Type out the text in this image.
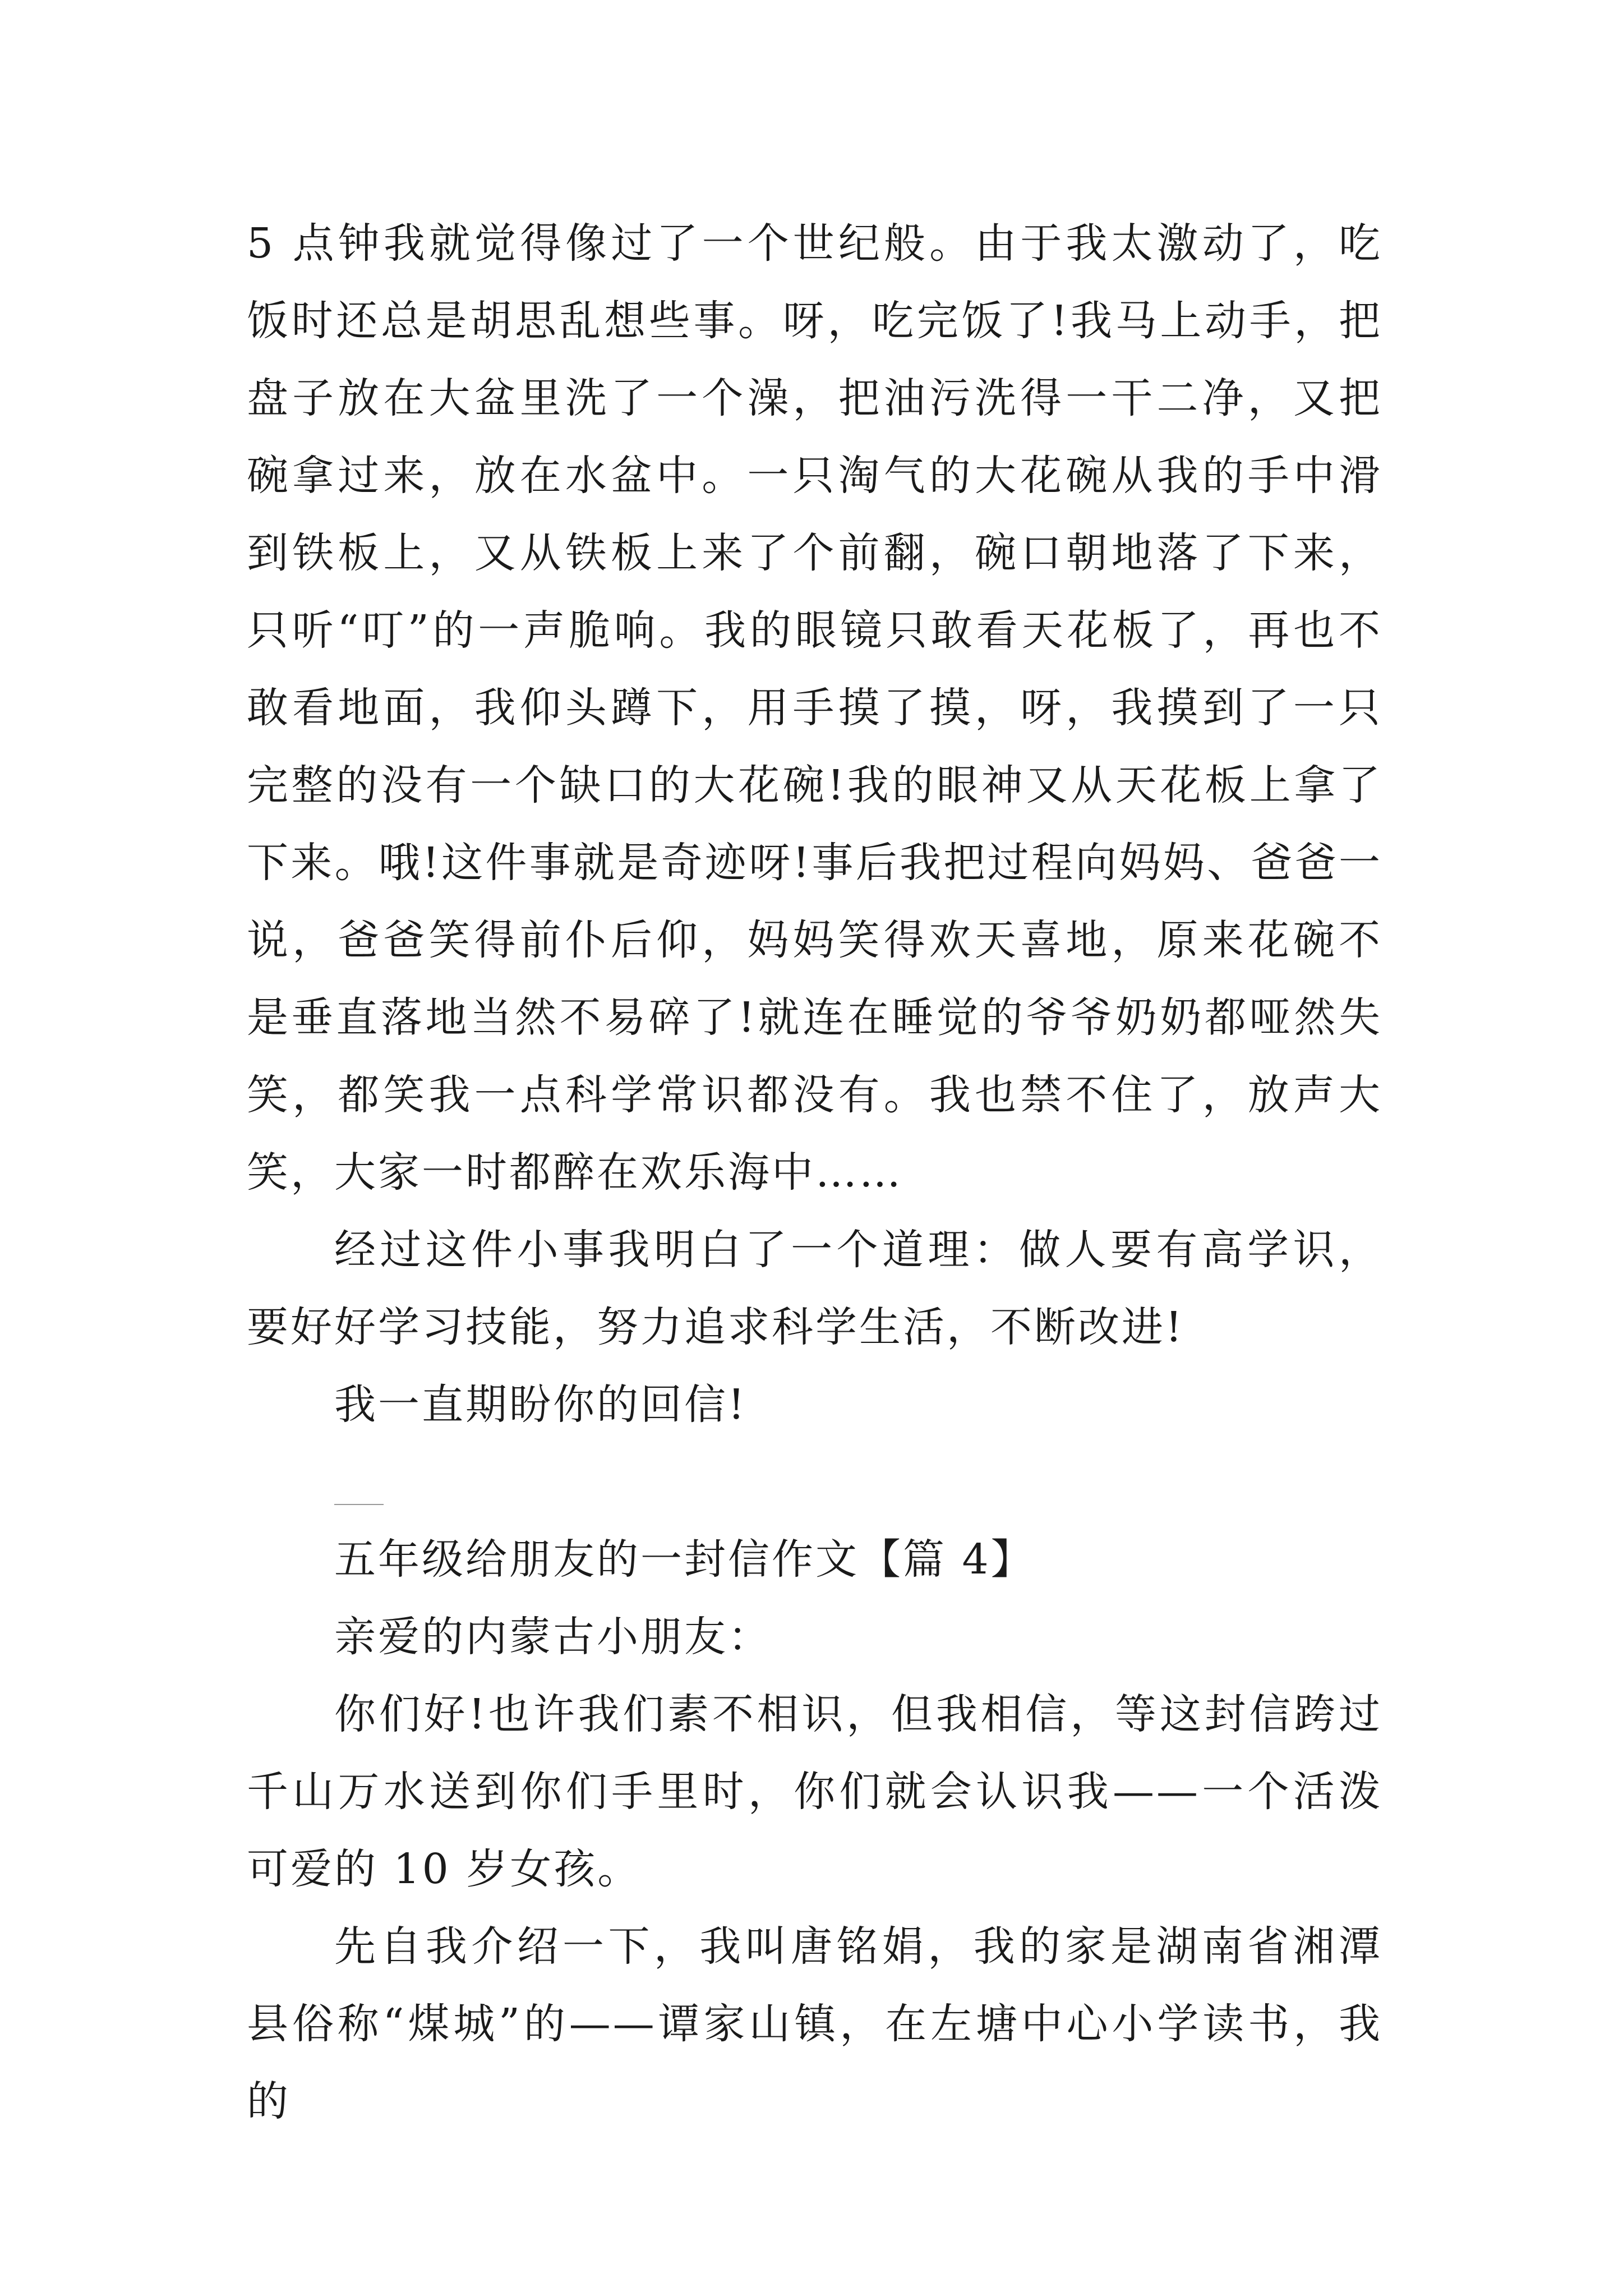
5 点钟我就觉得像过了一个世纪般。由于我太激动了，吃饭时还总是胡思乱想些事。呀，吃完饭了!我马上动手，把盘子放在大盆里洗了一个澡，把油污洗得一干二净，又把碗拿过来，放在水盆中。一只淘气的大花碗从我的手中滑到铁板上，又从铁板上来了个前翻，碗口朝地落了下来，只听“叮”的一声脆响。我的眼镜只敢看天花板了，再也不敢看地面，我仰头蹲下，用手摸了摸，呀，我摸到了一只完整的没有一个缺口的大花碗!我的眼神又从天花板上拿了下来。哦!这件事就是奇迹呀!事后我把过程向妈妈、爸爸一说，爸爸笑得前仆后仰，妈妈笑得欢天喜地，原来花碗不是垂直落地当然不易碎了!就连在睡觉的爷爷奶奶都哑然失笑，都笑我一点科学常识都没有。我也禁不住了，放声大笑，大家一时都醉在欢乐海中……

经过这件小事我明白了一个道理：做人要有高学识，要好好学习技能，努力追求科学生活，不断改进!

我一直期盼你的回信!

五年级给朋友的一封信作文【篇 4】

亲爱的内蒙古小朋友：

你们好!也许我们素不相识，但我相信，等这封信跨过千山万水送到你们手里时，你们就会认识我——一个活泼可爱的 10 岁女孩。

先自我介绍一下，我叫唐铭娟，我的家是湖南省湘潭县俗称“煤城”的——谭家山镇，在左塘中心小学读书，我的
